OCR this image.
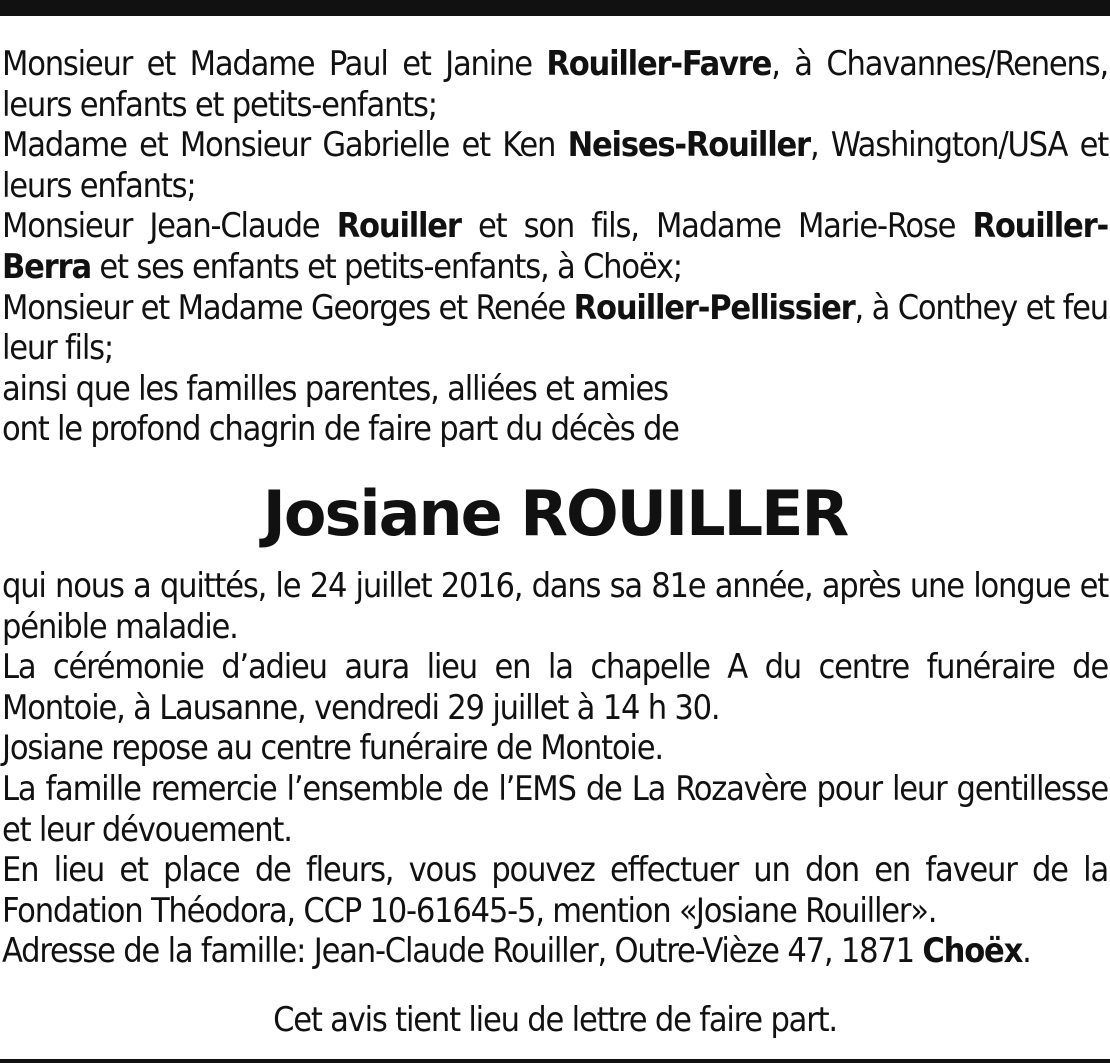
Monsieur et Madame Paul et Janine Rouiller-Favre, à Chavannes/Renens, leurs enfants et petits-enfants;

Madame et Monsieur Gabrielle et Ken Neises-Rouiller, Washington/USA et leurs enfants;

Monsieur Jean-Claude Rouiller et son fils, Madame Marie-Rose Rouiller-Berra et ses enfants et petits-enfants, à Choëx;

Monsieur et Madame Georges et Renée Rouiller-Pellissier, à Conthey et feu leur fils;

ainsi que les familles parentes, alliées et amies

ont le profond chagrin de faire part du décès de

Josiane ROUILLER

qui nous a quittés, le 24 juillet 2016, dans sa 81e année, après une longue et pénible maladie.

La cérémonie d’adieu aura lieu en la chapelle A du centre funéraire de Montoie, à Lausanne, vendredi 29 juillet à 14 h 30.

Josiane repose au centre funéraire de Montoie.

La famille remercie l’ensemble de l’EMS de La Rozavère pour leur gentillesse et leur dévouement.

En lieu et place de fleurs, vous pouvez effectuer un don en faveur de la Fondation Théodora, CCP 10-61645-5, mention «Josiane Rouiller».

Adresse de la famille: Jean-Claude Rouiller, Outre-Vièze 47, 1871 Choëx.

Cet avis tient lieu de lettre de faire part.
